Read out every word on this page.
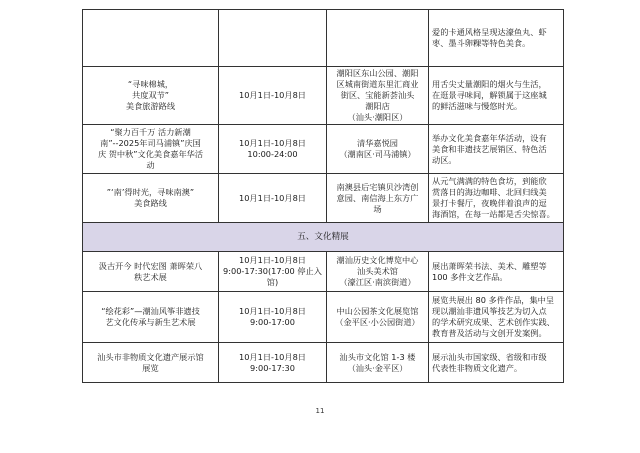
			爱的卡通风格呈现达濠鱼丸、虾
枣、墨斗卵粿等特色美食。

“寻味棉城，
共度双节”
美食旅游路线	10月1日-10月8日	潮阳区东山公园、潮阳
区城南街道东里汇商业
街区、宝能新荟汕头
潮阳店
（汕头·潮阳区）	用舌尖丈量潮阳的烟火与生活，
在逛景寻味间，解锁属于这座城
的鲜活滋味与慢悠时光。

“聚力百千万 活力新潮
南”--2025年司马浦镇”庆国
庆 贺中秋”文化美食嘉年华活
动	10月1日-10月8日
10:00-24:00	清华嘉悦园
（潮南区·司马浦镇）	举办文化美食嘉年华活动，设有
美食和非遗技艺展销区、特色活
动区。

”‘南’得时光，寻味南澳”
美食路线	10月1日-10月8日	南澳县后宅镇贝沙湾创
意园、南信海上东方广
场	从元气满满的特色食坊，到能欣
赏落日的海边咖啡、北回归线美
景打卡餐厅，夜晚伴着浪声的逗
海酒馆，在每一站都是舌尖惊喜。

五、文化精展			

汲古开今 时代宏图 萧晖荣八
秩艺术展	10月1日-10月8日
9:00-17:30(17:00 停止入馆)	潮汕历史文化博览中心
汕头美术馆
（濠江区·南滨街道）	展出萧晖荣书法、美术、雕塑等
100 多件文艺作品。

“绘花彩”—潮汕风筝非遗技
艺文化传承与新生艺术展	10月1日-10月8日
9:00-17:00	中山公园茶文化展览馆
（金平区·小公园街道）	展览共展出 80 多件作品，集中呈
现以潮汕非遗风筝技艺为切入点
的学术研究成果、艺术创作实践、
教育普及活动与文创开发案例。

汕头市非物质文化遗产展示馆
展览	10月1日-10月8日
9:00-17:30	汕头市文化馆 1-3 楼
（汕头·金平区）	展示汕头市国家级、省级和市级
代表性非物质文化遗产。
11
